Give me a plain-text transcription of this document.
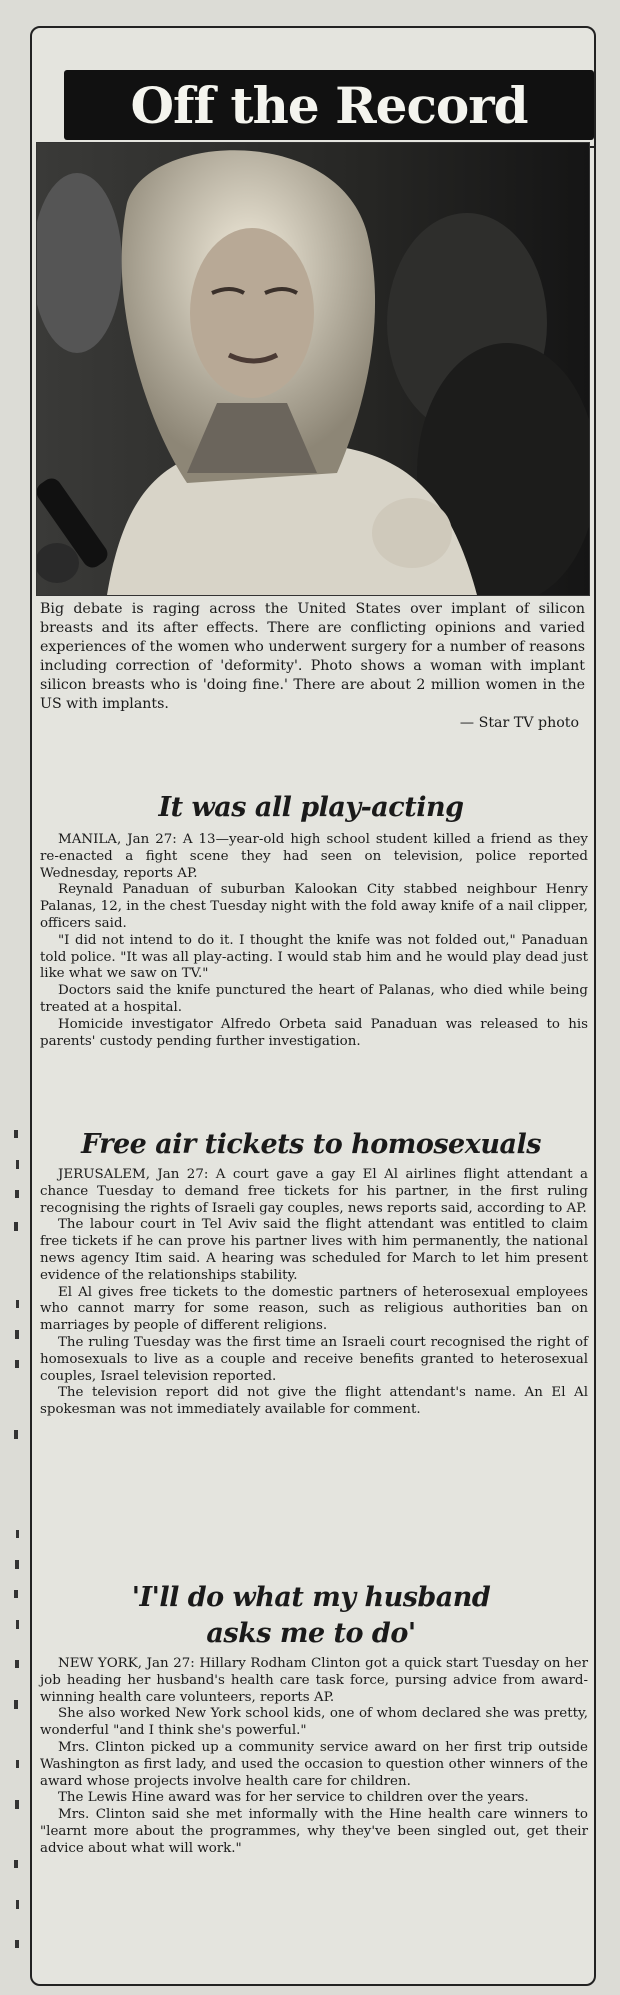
Off the Record
Big debate is raging across the United States over implant of silicon breasts and its after effects. There are conflicting opinions and varied experiences of the women who underwent surgery for a number of reasons including correction of 'deformity'. Photo shows a woman with implant silicon breasts who is 'doing fine.' There are about 2 million women in the US with implants.
— Star TV photo
It was all play-acting

MANILA, Jan 27: A 13—year-old high school student killed a friend as they re-enacted a fight scene they had seen on television, police reported Wednesday, reports AP.

Reynald Panaduan of suburban Kalookan City stabbed neighbour Henry Palanas, 12, in the chest Tuesday night with the fold away knife of a nail clipper, officers said.

"I did not intend to do it. I thought the knife was not folded out," Panaduan told police. "It was all play-acting. I would stab him and he would play dead just like what we saw on TV."

Doctors said the knife punctured the heart of Palanas, who died while being treated at a hospital.

Homicide investigator Alfredo Orbeta said Panaduan was released to his parents' custody pending further investigation.

Free air tickets to homosexuals

JERUSALEM, Jan 27: A court gave a gay El Al airlines flight attendant a chance Tuesday to demand free tickets for his partner, in the first ruling recognising the rights of Israeli gay couples, news reports said, according to AP.

The labour court in Tel Aviv said the flight attendant was entitled to claim free tickets if he can prove his partner lives with him permanently, the national news agency Itim said. A hearing was scheduled for March to let him present evidence of the relationships stability.

El Al gives free tickets to the domestic partners of heterosexual employees who cannot marry for some reason, such as religious authorities ban on marriages by people of different religions.

The ruling Tuesday was the first time an Israeli court recognised the right of homosexuals to live as a couple and receive benefits granted to heterosexual couples, Israel television reported.

The television report did not give the flight attendant's name. An El Al spokesman was not immediately available for comment.

'I'll do what my husband
asks me to do'

NEW YORK, Jan 27: Hillary Rodham Clinton got a quick start Tuesday on her job heading her husband's health care task force, pursing advice from award-winning health care volunteers, reports AP.

She also worked New York school kids, one of whom declared she was pretty, wonderful "and I think she's powerful."

Mrs. Clinton picked up a community service award on her first trip outside Washington as first lady, and used the occasion to question other winners of the award whose projects involve health care for children.

The Lewis Hine award was for her service to children over the years.

Mrs. Clinton said she met informally with the Hine health care winners to "learnt more about the programmes, why they've been singled out, get their advice about what will work."
